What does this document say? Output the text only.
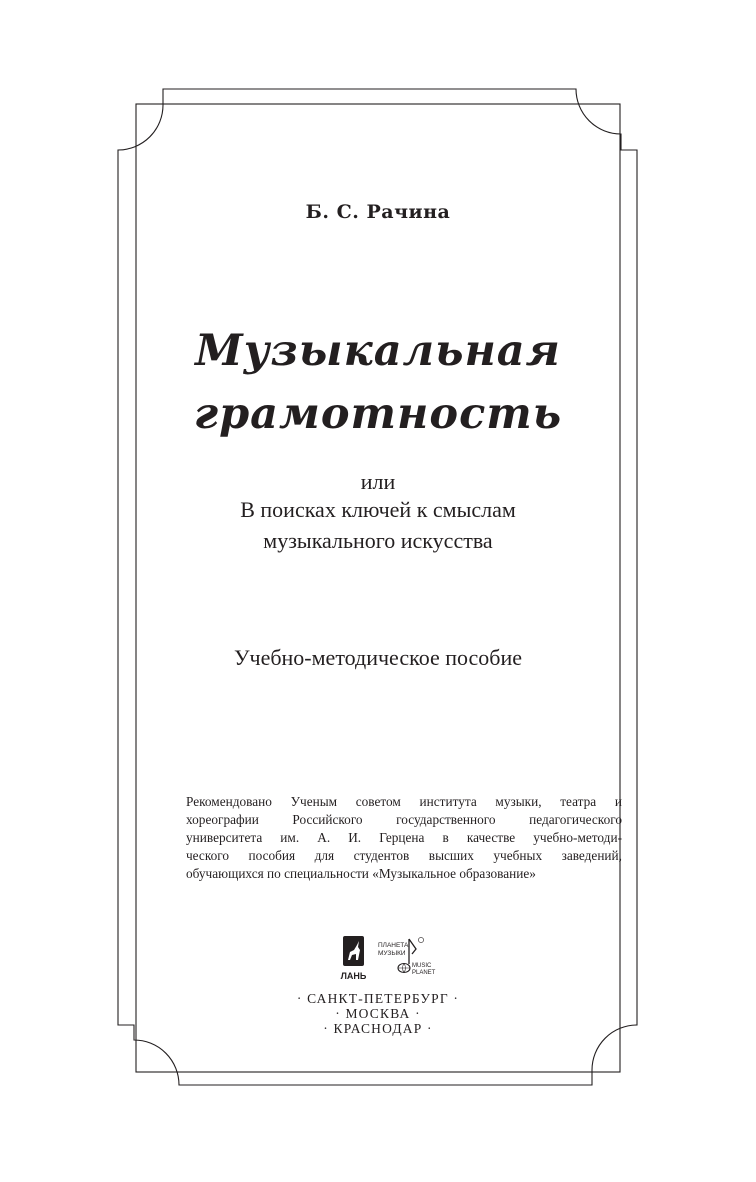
Б. С. Рачина
Музыкальная
грамотность
или
В поисках ключей к смыслам
музыкального искусства
Учебно-методическое пособие
Рекомендовано Ученым советом института музыки, театра и
хореографии Российского государственного педагогического
университета им. А. И. Герцена в качестве учебно-методи-
ческого пособия для студентов высших учебных заведений,
обучающихся по специальности «Музыкальное образование»
ЛАНЬ
ПЛАНЕТА
МУЗЫКИ
MUSIC
PLANET
· САНКТ-ПЕТЕРБУРГ ·
· МОСКВА ·
· КРАСНОДАР ·
